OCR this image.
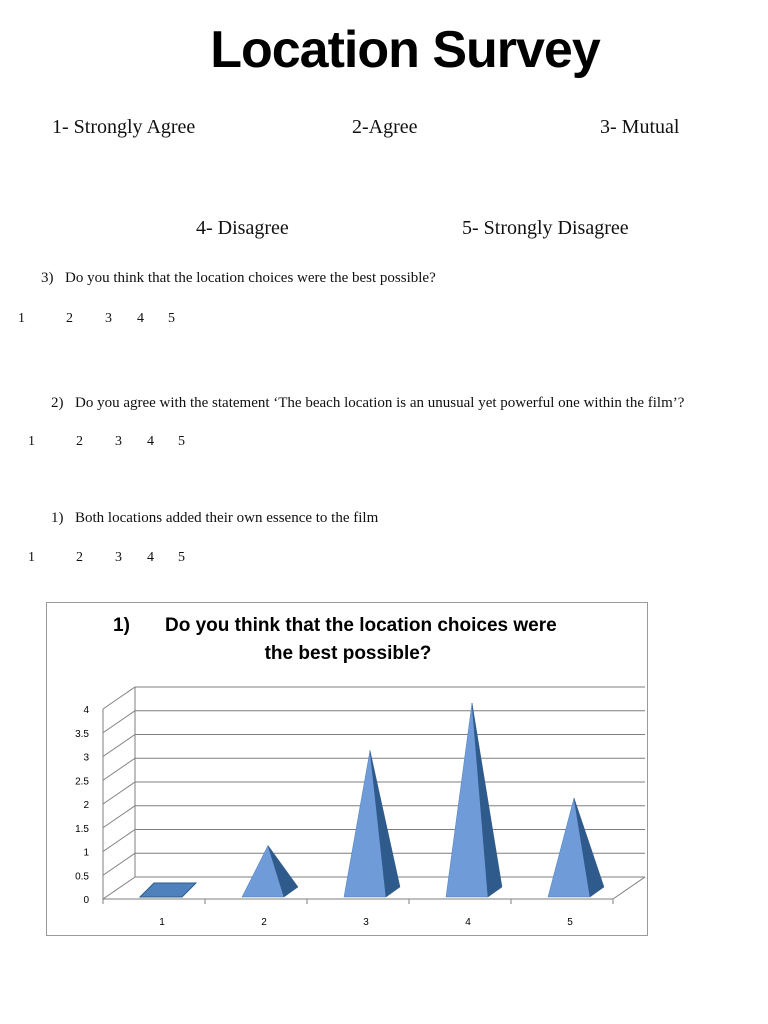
Location Survey
1- Strongly Agree	2-Agree	3- Mutual
4- Disagree	5- Strongly Disagree
3) Do you think that the location choices were the best possible?
1	2 3 4 5
2) Do you agree with the statement ‘The beach location is an unusual yet powerful one within the film’?
1	2 3 4 5
1) Both locations added their own essence to the film
1	2 3 4 5
1) Do you think that the location choices were
the best possible?
0
0.5
1
1.5
2
2.5
3
3.5
4
1	2	3	4	5
